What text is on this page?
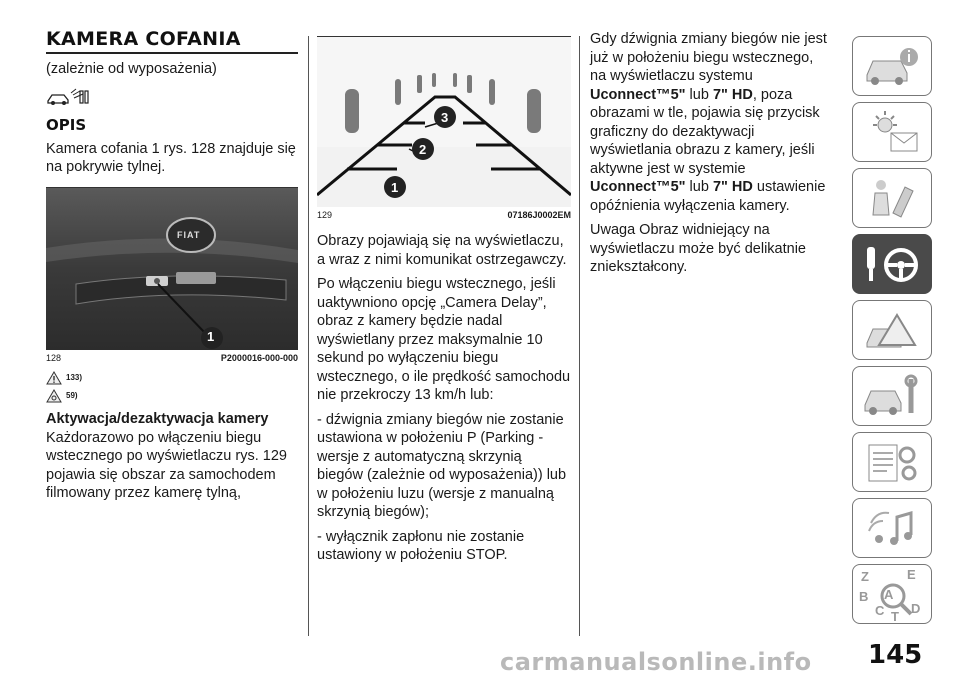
KAMERA COFANIA

(zależnie od wyposażenia)

OPIS

Kamera cofania 1 rys. 128 znajduje się na pokrywie tylnej.

FIAT
1
128	P2000016-000-000
133)
59)
Aktywacja/dezaktywacja kamery

Każdorazowo po włączeniu biegu wstecznego po wyświetlaczu rys. 129 pojawia się obszar za samochodem filmowany przez kamerę tylną,

1
2
3
129	07186J0002EM

Obrazy pojawiają się na wyświetlaczu, a wraz z nimi komunikat ostrzegawczy.

Po włączeniu biegu wstecznego, jeśli uaktywniono opcję „Camera Delay”, obraz z kamery będzie nadal wyświetlany przez maksymalnie 10 sekund po wyłączeniu biegu wstecznego, o ile prędkość samochodu nie przekroczy 13 km/h lub:

- dźwignia zmiany biegów nie zostanie ustawiona w położeniu P (Parking - wersje z automatyczną skrzynią biegów (zależnie od wyposażenia)) lub w położeniu luzu (wersje z manualną skrzynią biegów);

- wyłącznik zapłonu nie zostanie ustawiony w położeniu STOP.

Gdy dźwignia zmiany biegów nie jest już w położeniu biegu wstecznego, na wyświetlaczu systemu Uconnect™5" lub 7" HD, poza obrazami w tle, pojawia się przycisk graficzny do dezaktywacji wyświetlania obrazu z kamery, jeśli aktywne jest w systemie Uconnect™5" lub 7" HD ustawienie opóźnienia wyłączenia kamery.

Uwaga Obraz widniejący na wyświetlaczu może być delikatnie zniekształcony.

Z	E
B A
C D
T
145
carmanualsonline.info
